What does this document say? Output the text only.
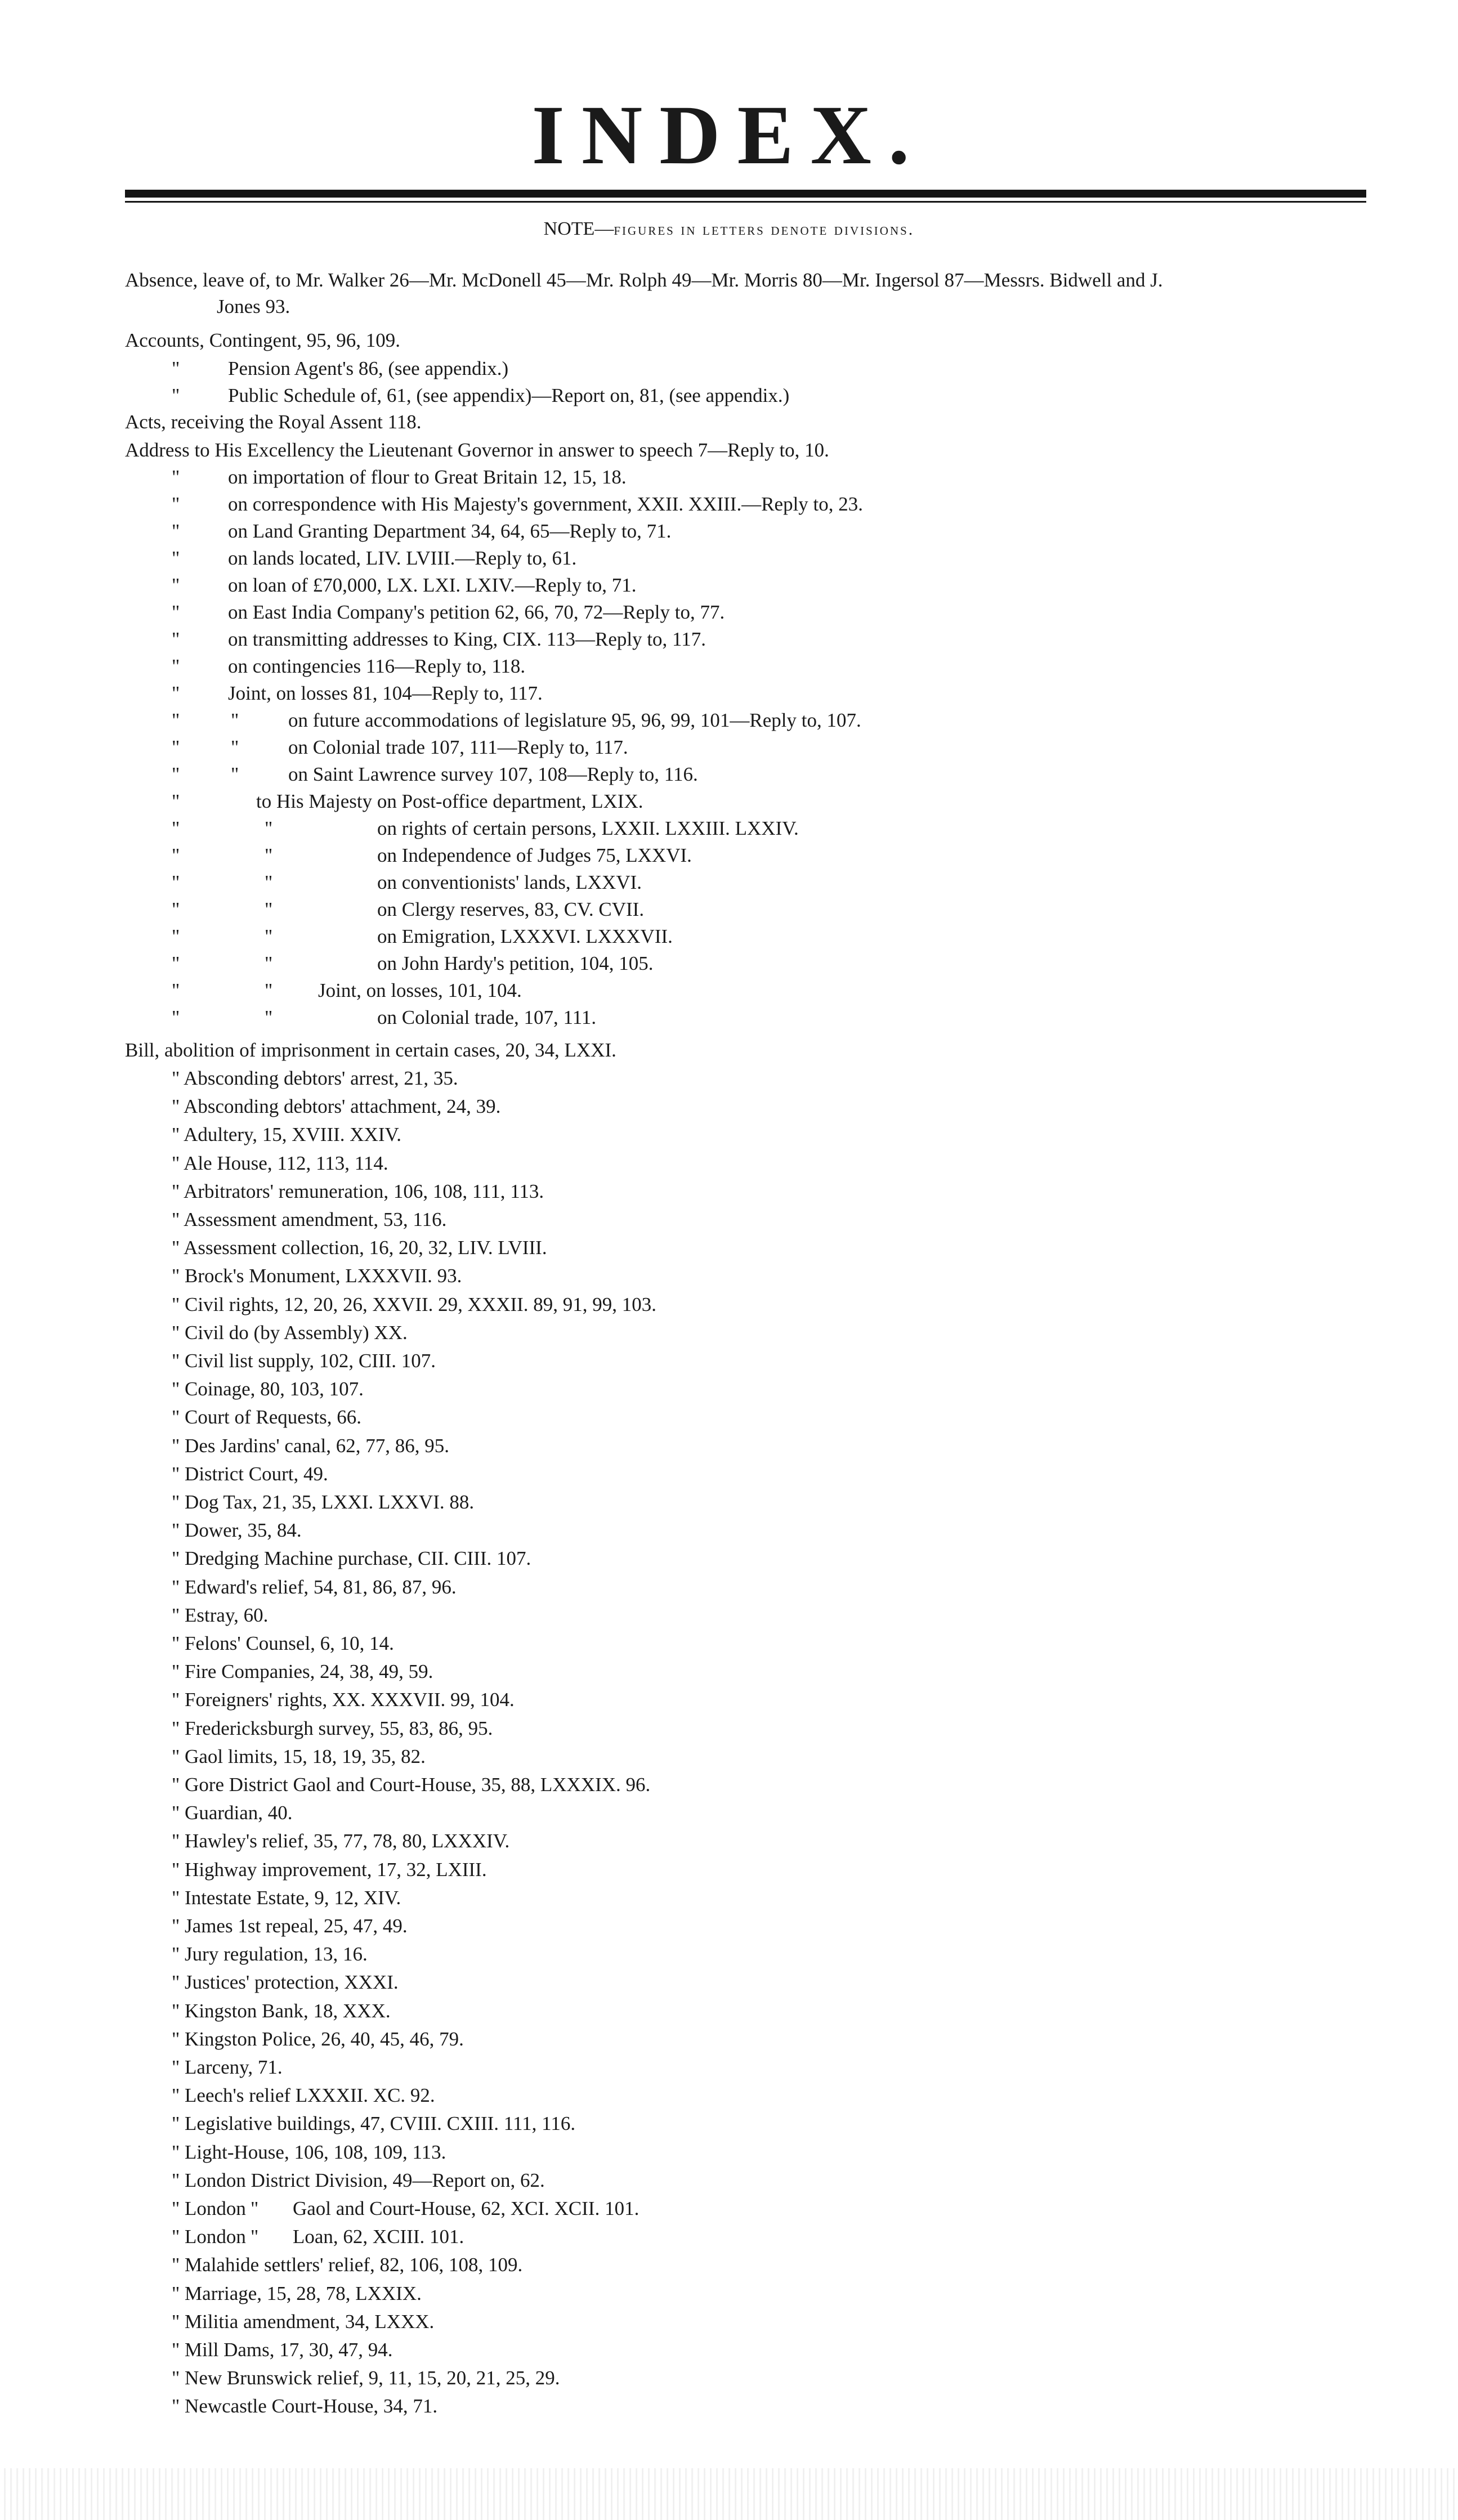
INDEX.
NOTE—figures in letters denote divisions.
Absence, leave of, to Mr. Walker 26—Mr. McDonell 45—Mr. Rolph 49—Mr. Morris 80—Mr. Ingersol 87—Messrs. Bidwell and J.
Jones 93.
Accounts, Contingent, 95, 96, 109.
" Pension Agent's 86, (see appendix.)
" Public Schedule of, 61, (see appendix)—Report on, 81, (see appendix.)
Acts, receiving the Royal Assent 118.
Address to His Excellency the Lieutenant Governor in answer to speech 7—Reply to, 10.
" on importation of flour to Great Britain 12, 15, 18.
" on correspondence with His Majesty's government, XXII. XXIII.—Reply to, 23.
" on Land Granting Department 34, 64, 65—Reply to, 71.
" on lands located, LIV. LVIII.—Reply to, 61.
" on loan of £70,000, LX. LXI. LXIV.—Reply to, 71.
" on East India Company's petition 62, 66, 70, 72—Reply to, 77.
" on transmitting addresses to King, CIX. 113—Reply to, 117.
" on contingencies 116—Reply to, 118.
" Joint, on losses 81, 104—Reply to, 117.
"	"	on future accommodations of legislature 95, 96, 99, 101—Reply to, 107.
"	"	on Colonial trade 107, 111—Reply to, 117.
"	"	on Saint Lawrence survey 107, 108—Reply to, 116.
"	to His Majesty on Post-office department, LXIX.
"	"	on rights of certain persons, LXXII. LXXIII. LXXIV.
"	"	on Independence of Judges 75, LXXVI.
"	"	on conventionists' lands, LXXVI.
"	"	on Clergy reserves, 83, CV. CVII.
"	"	on Emigration, LXXXVI. LXXXVII.
"	"	on John Hardy's petition, 104, 105.
"	" Joint, on losses, 101, 104.
"	"	on Colonial trade, 107, 111.
Bill, abolition of imprisonment in certain cases, 20, 34, LXXI.
" Absconding debtors' arrest, 21, 35.
" Absconding debtors' attachment, 24, 39.
" Adultery, 15, XVIII. XXIV.
" Ale House, 112, 113, 114.
" Arbitrators' remuneration, 106, 108, 111, 113.
" Assessment amendment, 53, 116.
" Assessment collection, 16, 20, 32, LIV. LVIII.
" Brock's Monument, LXXXVII. 93.
" Civil rights, 12, 20, 26, XXVII. 29, XXXII. 89, 91, 99, 103.
" Civil do (by Assembly) XX.
" Civil list supply, 102, CIII. 107.
" Coinage, 80, 103, 107.
" Court of Requests, 66.
" Des Jardins' canal, 62, 77, 86, 95.
" District Court, 49.
" Dog Tax, 21, 35, LXXI. LXXVI. 88.
" Dower, 35, 84.
" Dredging Machine purchase, CII. CIII. 107.
" Edward's relief, 54, 81, 86, 87, 96.
" Estray, 60.
" Felons' Counsel, 6, 10, 14.
" Fire Companies, 24, 38, 49, 59.
" Foreigners' rights, XX. XXXVII. 99, 104.
" Fredericksburgh survey, 55, 83, 86, 95.
" Gaol limits, 15, 18, 19, 35, 82.
" Gore District Gaol and Court-House, 35, 88, LXXXIX. 96.
" Guardian, 40.
" Hawley's relief, 35, 77, 78, 80, LXXXIV.
" Highway improvement, 17, 32, LXIII.
" Intestate Estate, 9, 12, XIV.
" James 1st repeal, 25, 47, 49.
" Jury regulation, 13, 16.
" Justices' protection, XXXI.
" Kingston Bank, 18, XXX.
" Kingston Police, 26, 40, 45, 46, 79.
" Larceny, 71.
" Leech's relief LXXXII. XC. 92.
" Legislative buildings, 47, CVIII. CXIII. 111, 116.
" Light-House, 106, 108, 109, 113.
" London District Division, 49—Report on, 62.
" London " Gaol and Court-House, 62, XCI. XCII. 101.
" London " Loan, 62, XCIII. 101.
" Malahide settlers' relief, 82, 106, 108, 109.
" Marriage, 15, 28, 78, LXXIX.
" Militia amendment, 34, LXXX.
" Mill Dams, 17, 30, 47, 94.
" New Brunswick relief, 9, 11, 15, 20, 21, 25, 29.
" Newcastle Court-House, 34, 71.
